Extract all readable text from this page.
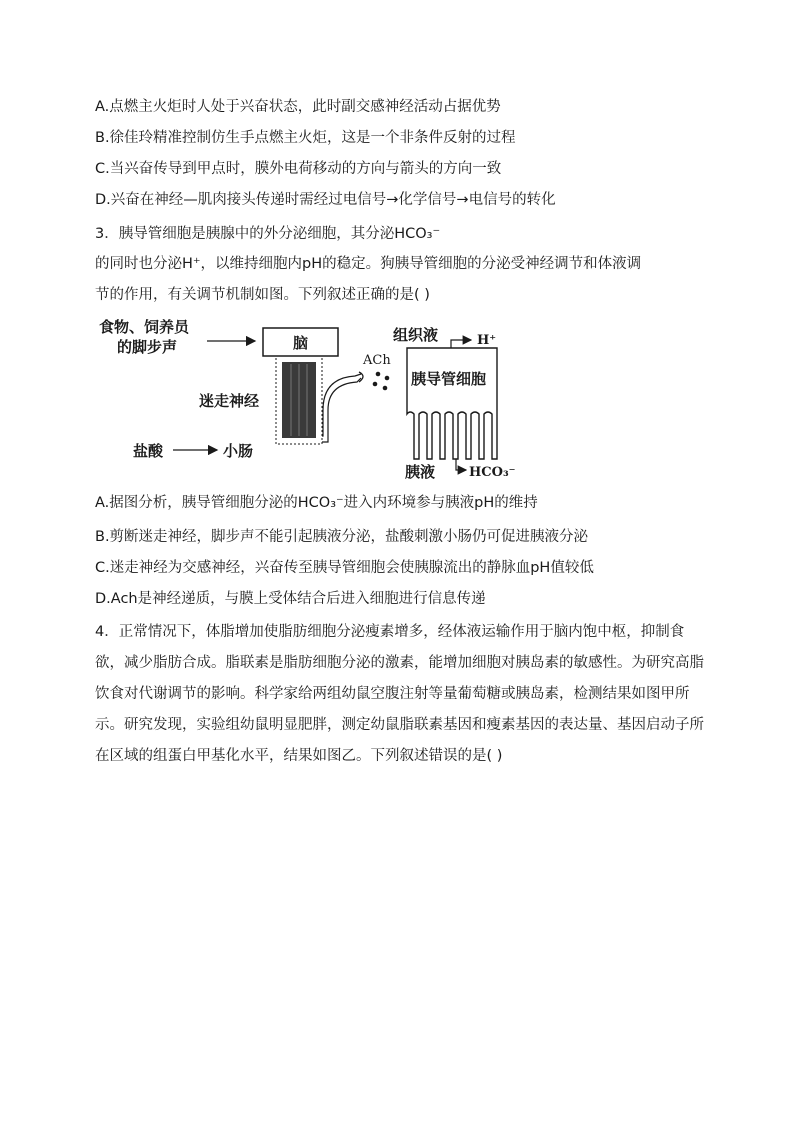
A.点燃主火炬时人处于兴奋状态，此时副交感神经活动占据优势
B.徐佳玲精准控制仿生手点燃主火炬，这是一个非条件反射的过程
C.当兴奋传导到甲点时，膜外电荷移动的方向与箭头的方向一致
D.兴奋在神经—肌肉接头传递时需经过电信号→化学信号→电信号的转化
3．胰导管细胞是胰腺中的外分泌细胞，其分泌HCO₃⁻
的同时也分泌H⁺，以维持细胞内pH的稳定。狗胰导管细胞的分泌受神经调节和体液调
节的作用，有关调节机制如图。下列叙述正确的是( )
食物、饲养员
的脚步声	脑
迷走神经
盐酸	小肠
ACh
胰导管细胞
组织液	H⁺
胰液	HCO₃⁻
A.据图分析，胰导管细胞分泌的HCO₃⁻进入内环境参与胰液pH的维持
B.剪断迷走神经，脚步声不能引起胰液分泌，盐酸刺激小肠仍可促进胰液分泌
C.迷走神经为交感神经，兴奋传至胰导管细胞会使胰腺流出的静脉血pH值较低
D.Ach是神经递质，与膜上受体结合后进入细胞进行信息传递
4．正常情况下，体脂增加使脂肪细胞分泌瘦素增多，经体液运输作用于脑内饱中枢，抑制食欲，减少脂肪合成。脂联素是脂肪细胞分泌的激素，能增加细胞对胰岛素的敏感性。为研究高脂饮食对代谢调节的影响。科学家给两组幼鼠空腹注射等量葡萄糖或胰岛素，检测结果如图甲所示。研究发现，实验组幼鼠明显肥胖，测定幼鼠脂联素基因和瘦素基因的表达量、基因启动子所在区域的组蛋白甲基化水平，结果如图乙。下列叙述错误的是( )
